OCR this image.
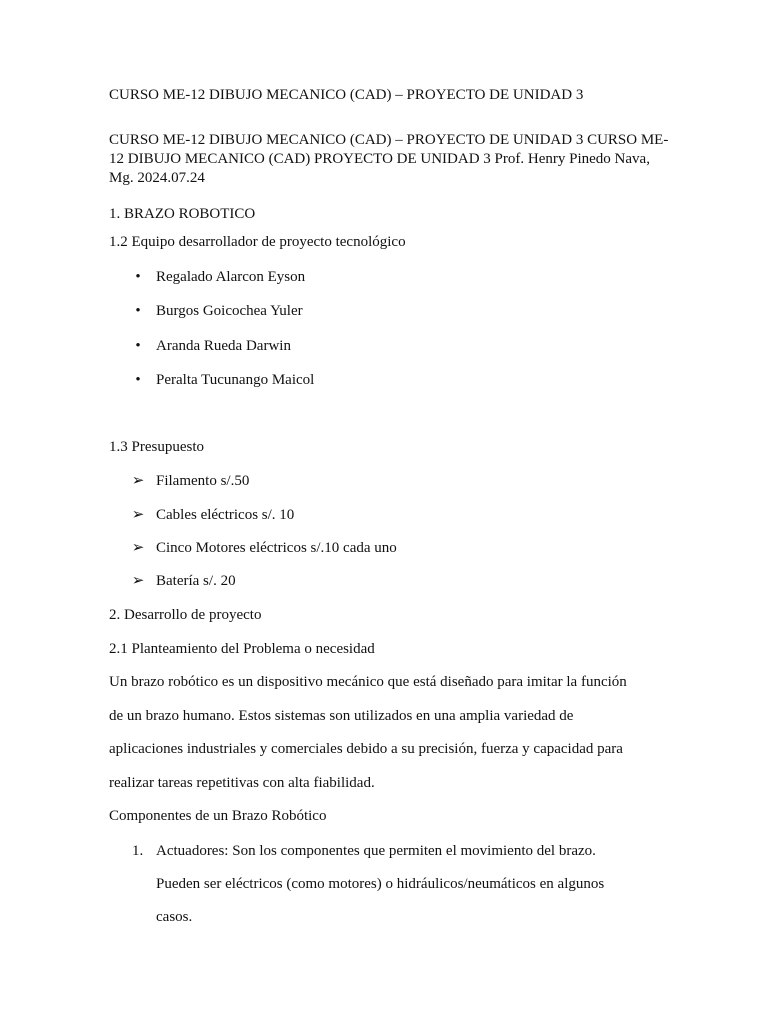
CURSO ME-12 DIBUJO MECANICO (CAD) – PROYECTO DE UNIDAD 3
CURSO ME-12 DIBUJO MECANICO (CAD) – PROYECTO DE UNIDAD 3 CURSO ME-12 DIBUJO MECANICO (CAD) PROYECTO DE UNIDAD 3 Prof. Henry Pinedo Nava, Mg. 2024.07.24
1. BRAZO ROBOTICO
1.2 Equipo desarrollador de proyecto tecnológico
• Regalado Alarcon Eyson
• Burgos Goicochea Yuler
• Aranda Rueda Darwin
• Peralta Tucunango Maicol
1.3 Presupuesto
➢ Filamento s/.50
➢ Cables eléctricos s/. 10
➢ Cinco Motores eléctricos s/.10 cada uno
➢ Batería s/. 20
2. Desarrollo de proyecto
2.1 Planteamiento del Problema o necesidad
Un brazo robótico es un dispositivo mecánico que está diseñado para imitar la función
de un brazo humano. Estos sistemas son utilizados en una amplia variedad de
aplicaciones industriales y comerciales debido a su precisión, fuerza y capacidad para
realizar tareas repetitivas con alta fiabilidad.
Componentes de un Brazo Robótico
1. Actuadores: Son los componentes que permiten el movimiento del brazo.
Pueden ser eléctricos (como motores) o hidráulicos/neumáticos en algunos
casos.
